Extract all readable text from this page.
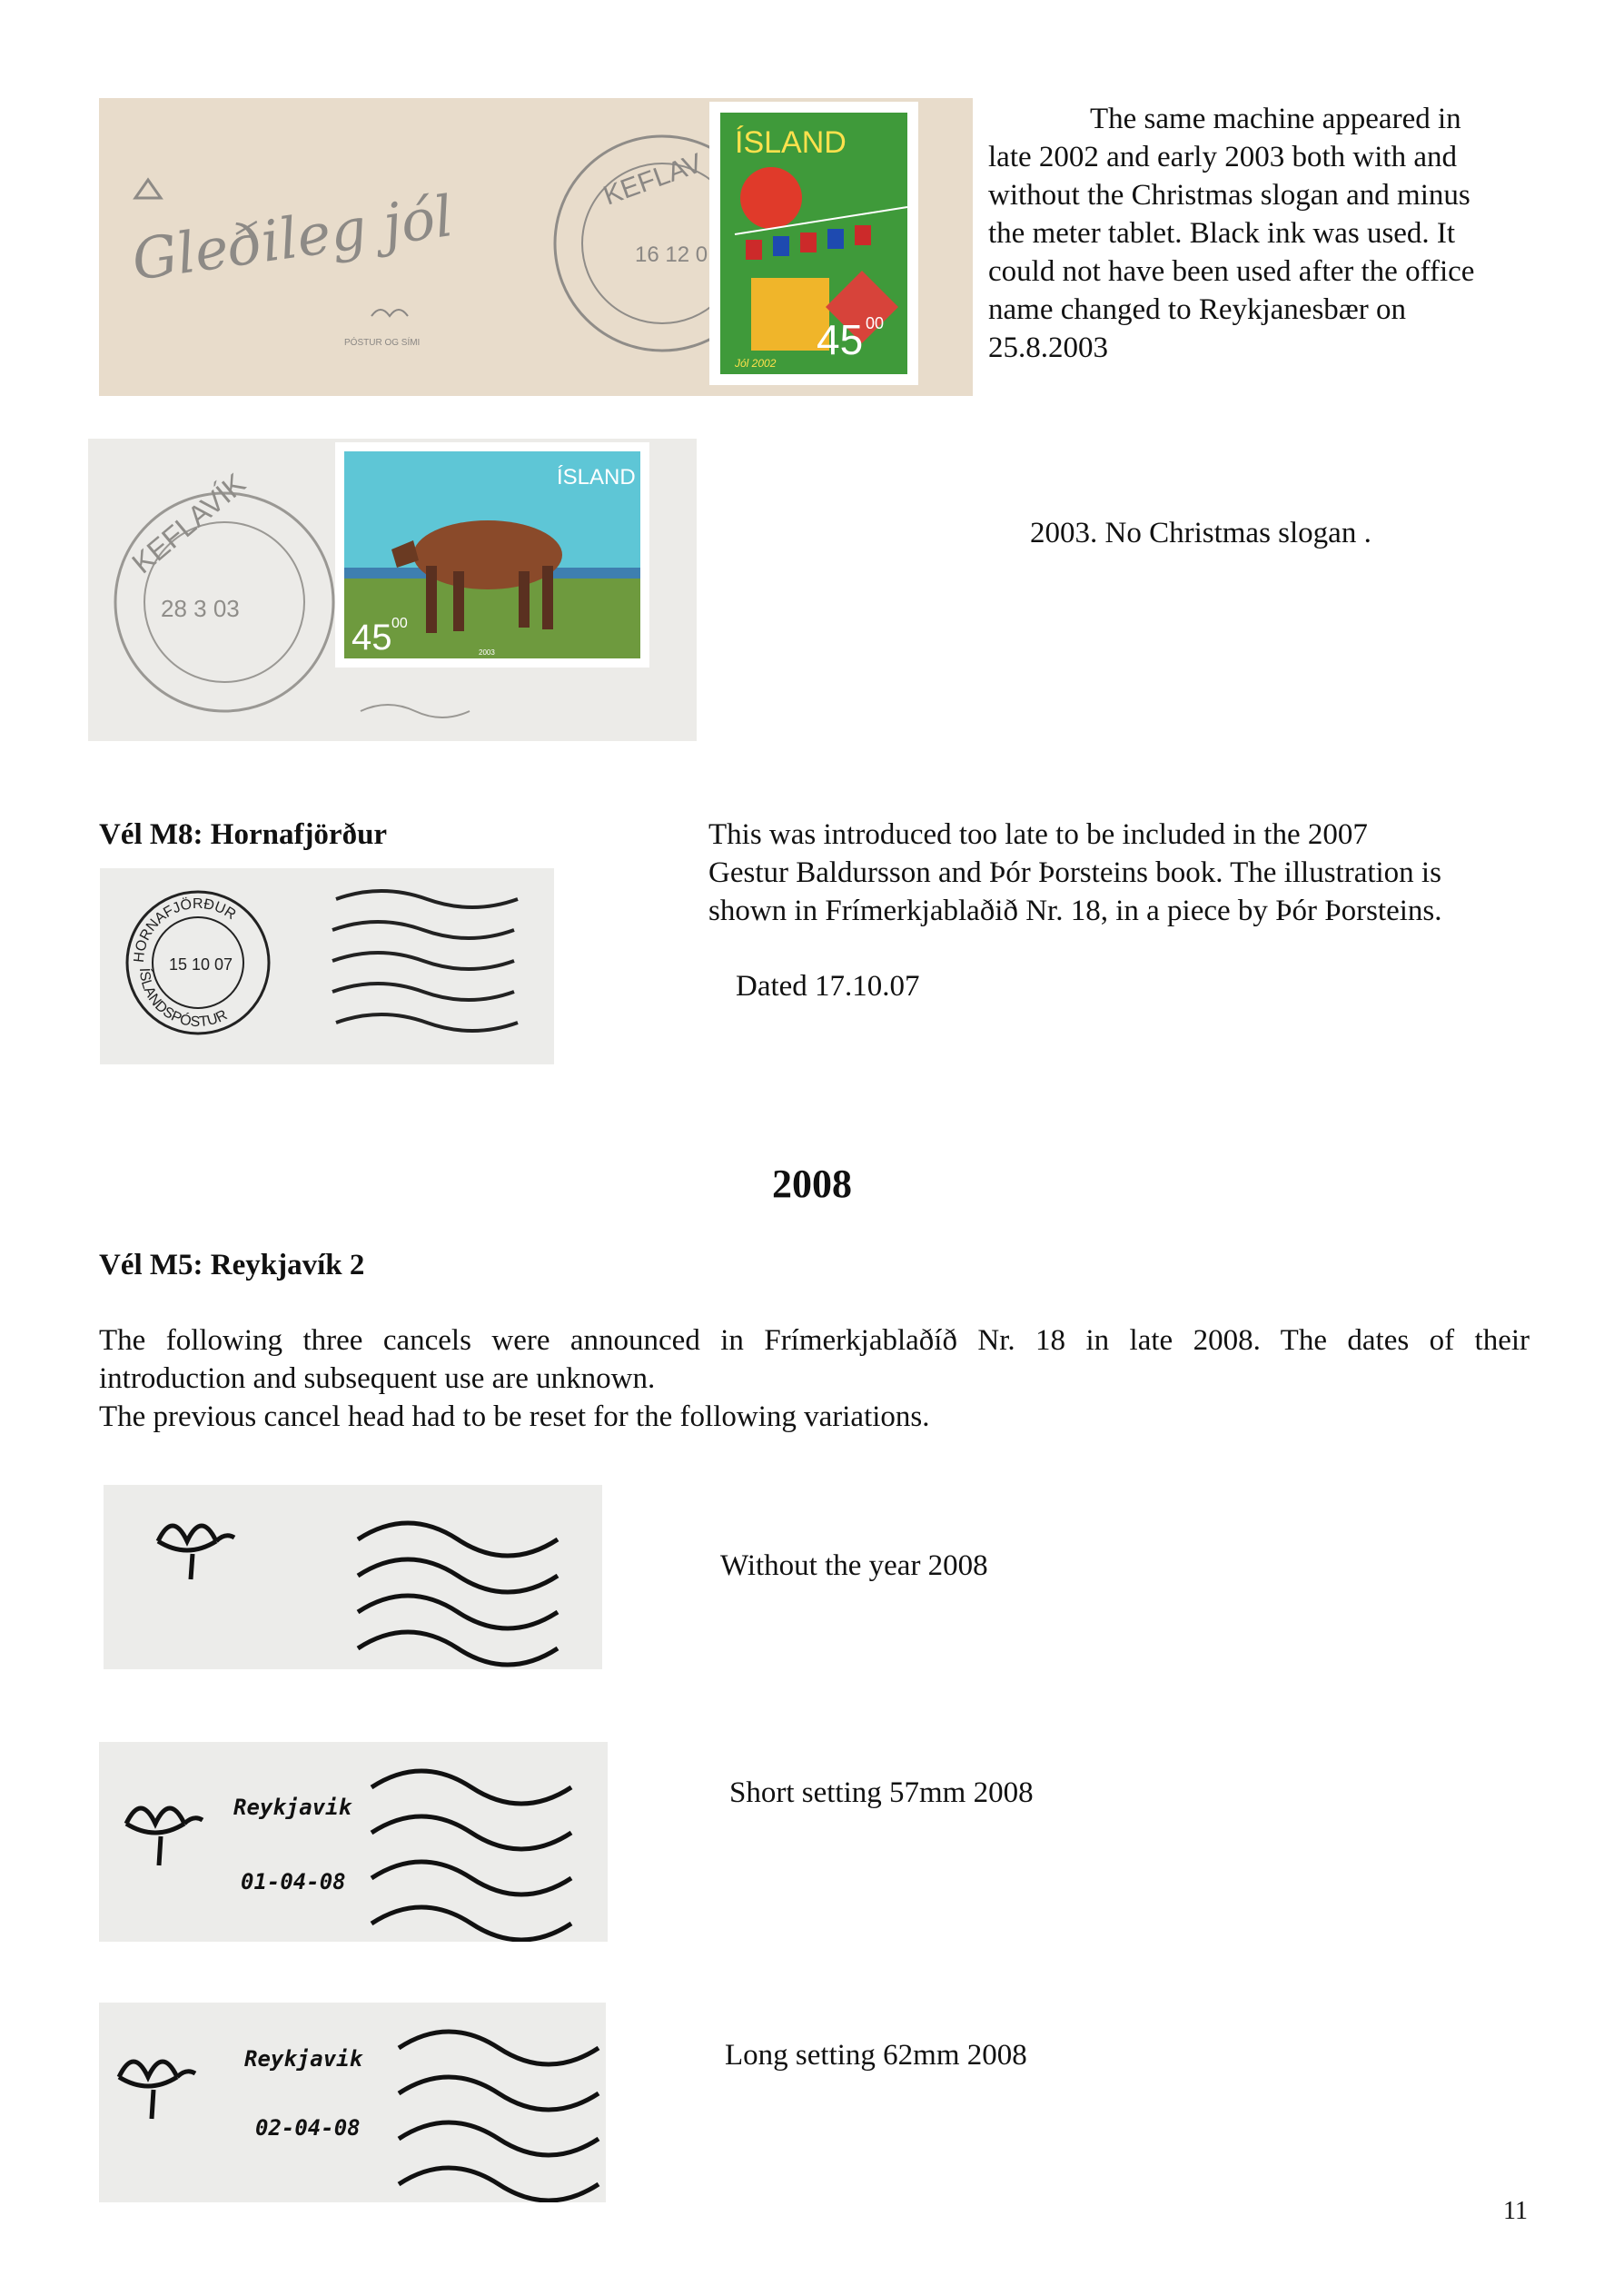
Gleðileg jól
PÓSTUR OG SÍMI
KEFLAV
16 12 0
ÍSLAND
45 00
Jól 2002
The same machine appeared in
late 2002 and early 2003 both with and
without the Christmas slogan and minus
the meter tablet. Black ink was used. It
could not have been used after the office
name changed to Reykjanesbær on
25.8.2003
KEFLAVÍK
28 3 03
ÍSLAND
45 00
2003
2003. No Christmas slogan .
Vél M8: Hornafjörður	This was introduced too late to be included in the 2007
Gestur Baldursson and Þór Þorsteins book. The illustration is
shown in Frímerkjablaðið Nr. 18, in a piece by Þór Þorsteins.
Dated 17.10.07
HORNAFJÖRÐUR
ÍSLANDSPÓSTUR
15 10 07
2008
Vél M5: Reykjavík 2
The following three cancels were announced in Frímerkjablaðíð Nr. 18 in late 2008. The dates of their
introduction and subsequent use are unknown.
The previous cancel head had to be reset for the following variations.
Without the year 2008
Reykjavik
01-04-08
Short setting 57mm 2008
Reykjavik
02-04-08
Long setting 62mm 2008
11
